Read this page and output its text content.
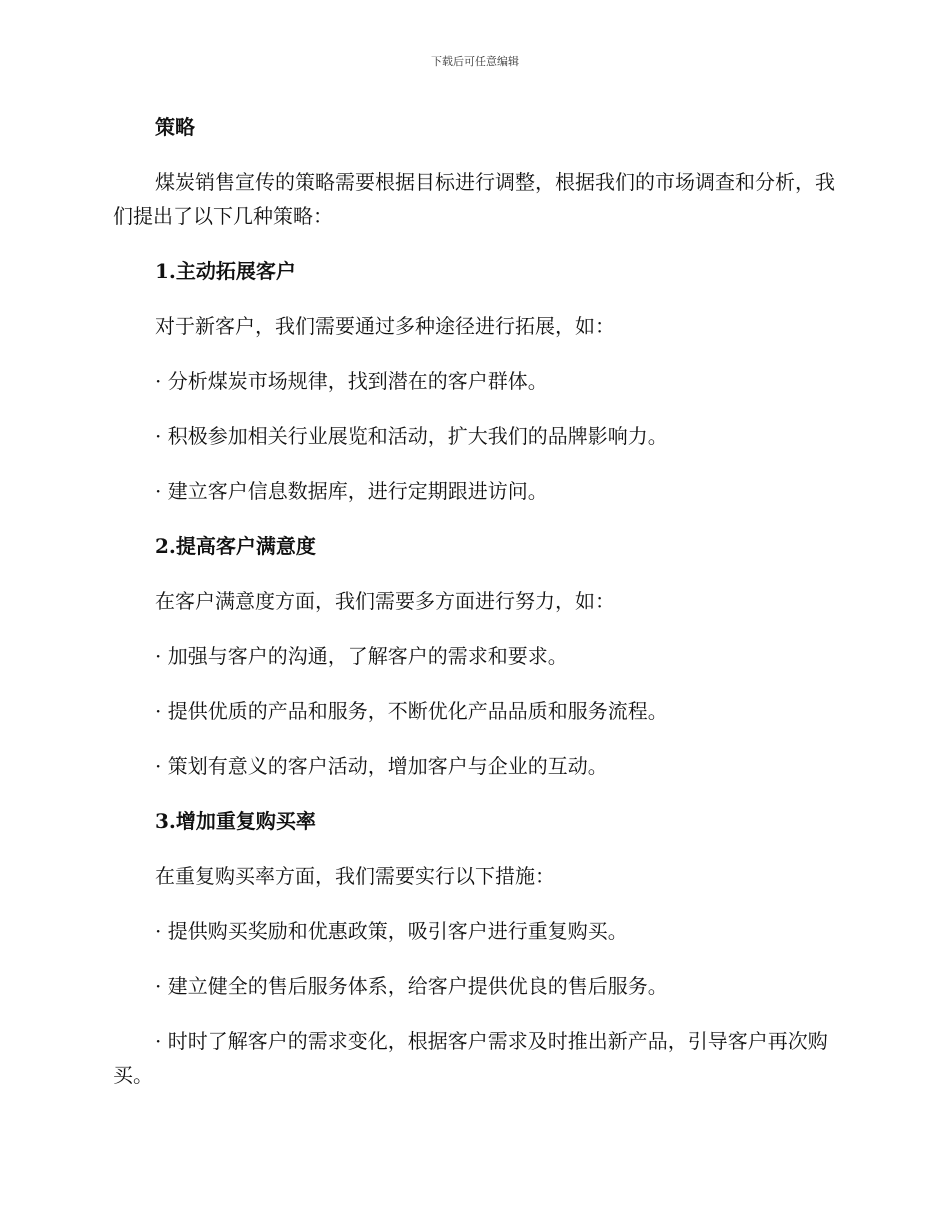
下载后可任意编辑
策略
煤炭销售宣传的策略需要根据目标进行调整，根据我们的市场调查和分析，我们提出了以下几种策略：
1.主动拓展客户
对于新客户，我们需要通过多种途径进行拓展，如：
· 分析煤炭市场规律，找到潜在的客户群体。
· 积极参加相关行业展览和活动，扩大我们的品牌影响力。
· 建立客户信息数据库，进行定期跟进访问。
2.提高客户满意度
在客户满意度方面，我们需要多方面进行努力，如：
· 加强与客户的沟通，了解客户的需求和要求。
· 提供优质的产品和服务，不断优化产品品质和服务流程。
· 策划有意义的客户活动，增加客户与企业的互动。
3.增加重复购买率
在重复购买率方面，我们需要实行以下措施：
· 提供购买奖励和优惠政策，吸引客户进行重复购买。
· 建立健全的售后服务体系，给客户提供优良的售后服务。
· 时时了解客户的需求变化，根据客户需求及时推出新产品，引导客户再次购买。
